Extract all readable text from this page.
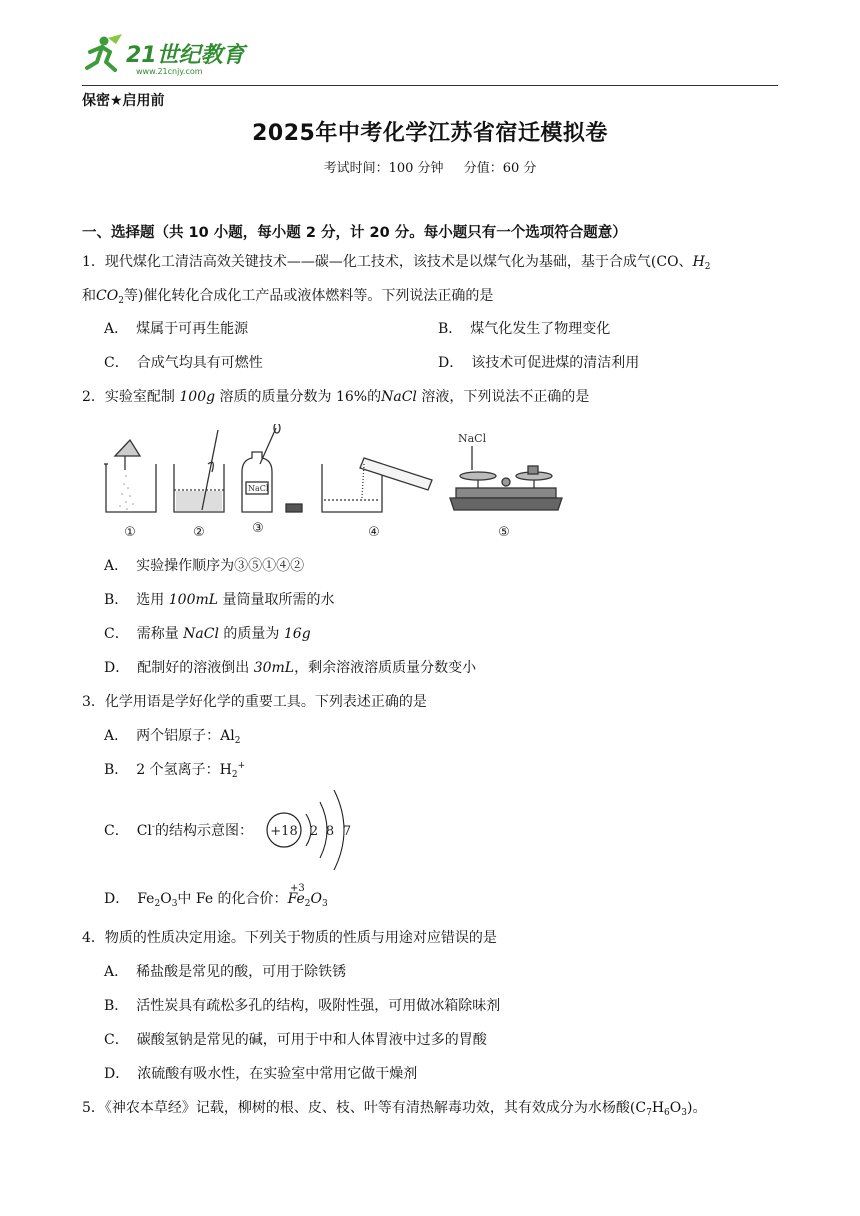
21世纪教育
www.21cnjy.com
保密★启用前
2025年中考化学江苏省宿迁模拟卷
考试时间：100 分钟 分值：60 分
一、选择题（共 10 小题，每小题 2 分，计 20 分。每小题只有一个选项符合题意）
1．现代煤化工清洁高效关键技术——碳—化工技术，该技术是以煤气化为基础，基于合成气(CO、$H_2$
和$CO_2$等)催化转化合成化工产品或液体燃料等。下列说法正确的是
A． 煤属于可再生能源	B． 煤气化发生了物理变化
C． 合成气均具有可燃性	D． 该技术可促进煤的清洁利用
2．实验室配制 100g 溶质的质量分数为 16%的NaCl 溶液，下列说法不正确的是
NaCl
NaCl
①	②	③	④	⑤
A． 实验操作顺序为③⑤①④②
B． 选用 100mL 量筒量取所需的水
C． 需称量 NaCl 的质量为 16g
D． 配制好的溶液倒出 30mL，剩余溶液溶质质量分数变小
3．化学用语是学好化学的重要工具。下列表述正确的是
A． 两个铝原子：$Al_2$
B． 2 个氢离子：$H_2^+$
C． Cl-的结构示意图： +18 2 8 7
D． $Fe_2O_3$中 Fe 的化合价：$Fe_2O_3$
+3
4．物质的性质决定用途。下列关于物质的性质与用途对应错误的是
A． 稀盐酸是常见的酸，可用于除铁锈
B． 活性炭具有疏松多孔的结构，吸附性强，可用做冰箱除味剂
C． 碳酸氢钠是常见的碱，可用于中和人体胃液中过多的胃酸
D． 浓硫酸有吸水性，在实验室中常用它做干燥剂
5．《神农本草经》记载，柳树的根、皮、枝、叶等有清热解毒功效，其有效成分为水杨酸$(C_7H_6O_3)$。
